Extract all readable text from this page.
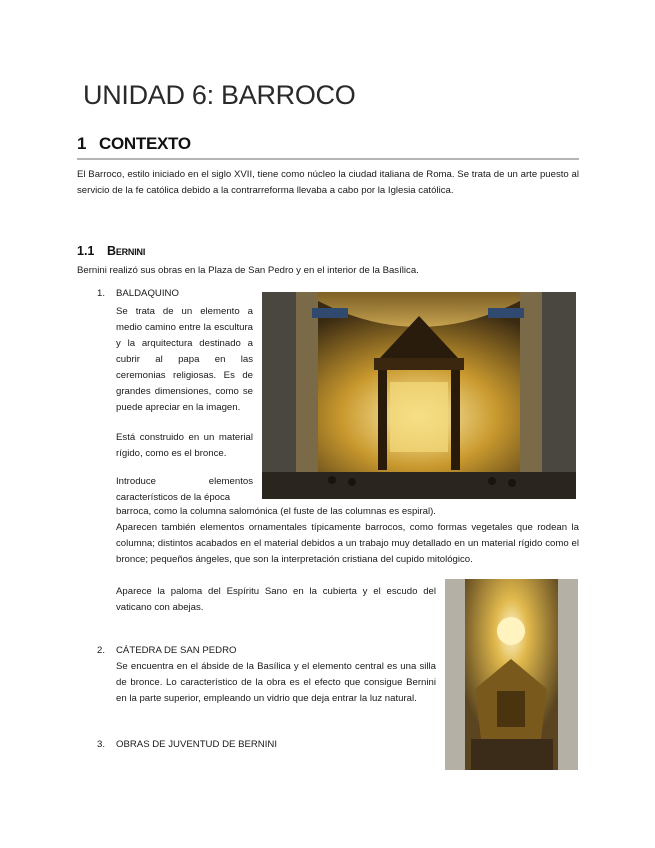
UNIDAD 6: BARROCO
1 CONTEXTO
El Barroco, estilo iniciado en el siglo XVII, tiene como núcleo la ciudad italiana de Roma. Se trata de un arte puesto al servicio de la fe católica debido a la contrarreforma llevaba a cabo por la Iglesia católica.
1.1 Bernini
Bernini realizó sus obras en la Plaza de San Pedro y en el interior de la Basílica.
1. BALDAQUINO
Se trata de un elemento a medio camino entre la escultura y la arquitectura destinado a cubrir al papa en las ceremonias religiosas. Es de grandes dimensiones, como se puede apreciar en la imagen.
Está construido en un material rígido, como es el bronce.
Introduce elementos característicos de la época
barroca, como la columna salomónica (el fuste de las columnas es espiral).
Aparecen también elementos ornamentales típicamente barrocos, como formas vegetales que rodean la columna; distintos acabados en el material debidos a un trabajo muy detallado en un material rígido como el bronce; pequeños ángeles, que son la interpretación cristiana del cupido mitológico.
Aparece la paloma del Espíritu Sano en la cubierta y el escudo del vaticano con abejas.
2. CÁTEDRA DE SAN PEDRO
Se encuentra en el ábside de la Basílica y el elemento central es una silla de bronce. Lo característico de la obra es el efecto que consigue Bernini en la parte superior, empleando un vidrio que deja entrar la luz natural.
3. OBRAS DE JUVENTUD DE BERNINI
